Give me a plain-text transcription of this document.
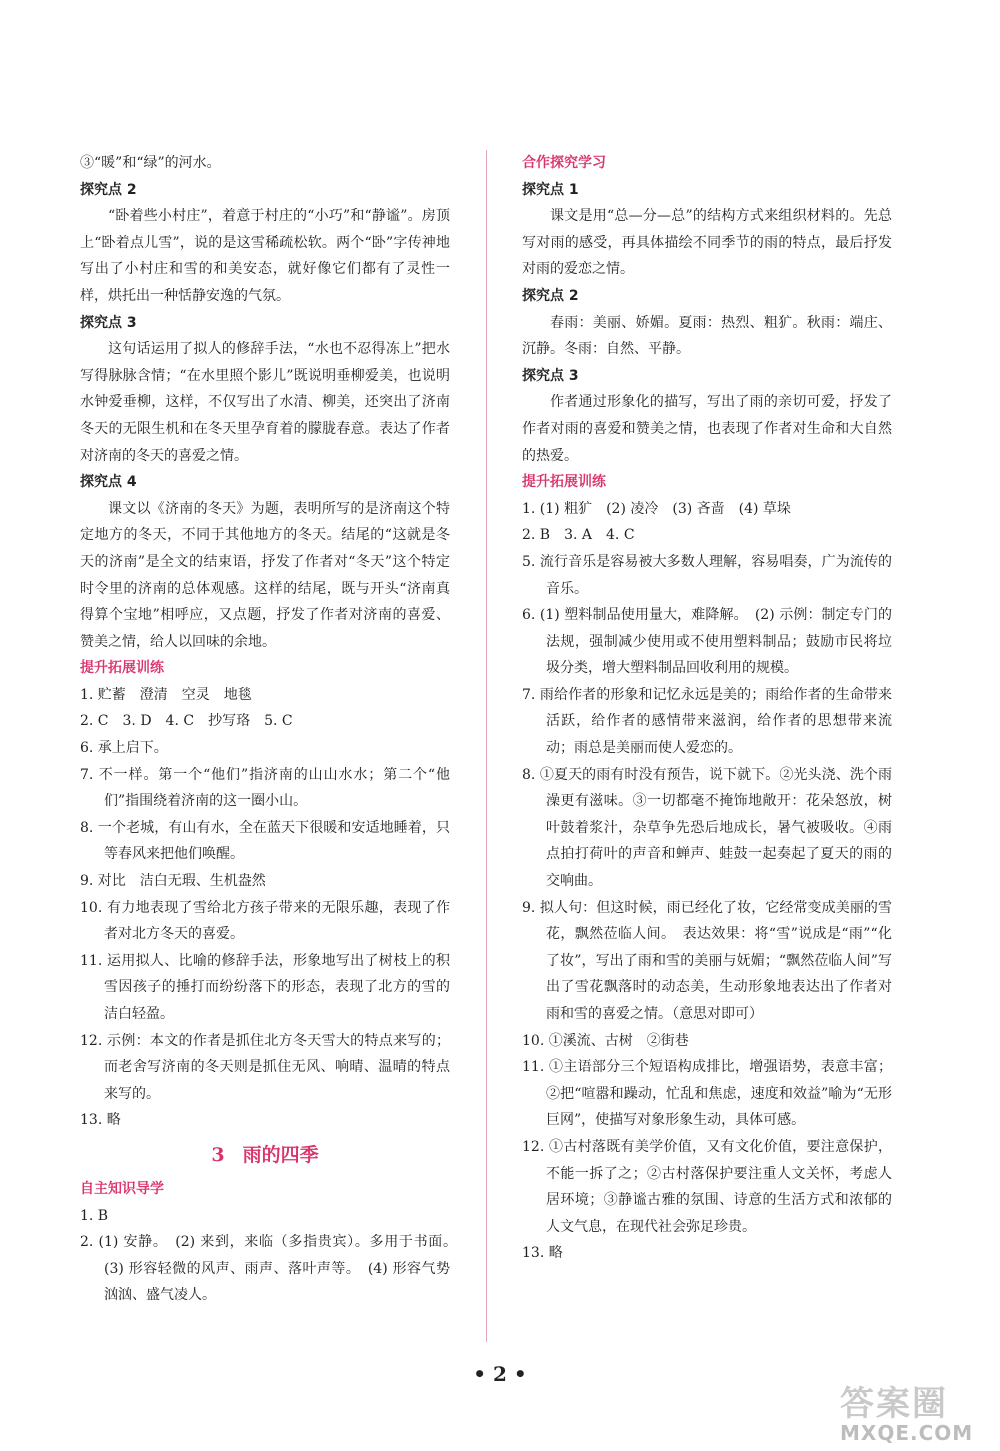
③“暖”和“绿”的河水。

探究点 2

“卧着些小村庄”，着意于村庄的“小巧”和“静谧”。房顶上“卧着点儿雪”，说的是这雪稀疏松软。两个“卧”字传神地写出了小村庄和雪的和美安态，就好像它们都有了灵性一样，烘托出一种恬静安逸的气氛。

探究点 3

这句话运用了拟人的修辞手法，“水也不忍得冻上”把水写得脉脉含情；“在水里照个影儿”既说明垂柳爱美，也说明水钟爱垂柳，这样，不仅写出了水清、柳美，还突出了济南冬天的无限生机和在冬天里孕育着的朦胧春意。表达了作者对济南的冬天的喜爱之情。

探究点 4

课文以《济南的冬天》为题，表明所写的是济南这个特定地方的冬天，不同于其他地方的冬天。结尾的“这就是冬天的济南”是全文的结束语，抒发了作者对“冬天”这个特定时令里的济南的总体观感。这样的结尾，既与开头“济南真得算个宝地”相呼应，又点题，抒发了作者对济南的喜爱、赞美之情，给人以回味的余地。

提升拓展训练

1. 贮蓄　澄清　空灵　地毯

2. C　3. D　4. C　抄写珞　5. C

6. 承上启下。

7. 不一样。第一个“他们”指济南的山山水水；第二个“他们”指围绕着济南的这一圈小山。

8. 一个老城，有山有水，全在蓝天下很暖和安适地睡着，只等春风来把他们唤醒。

9. 对比　洁白无瑕、生机盎然

10. 有力地表现了雪给北方孩子带来的无限乐趣，表现了作者对北方冬天的喜爱。

11. 运用拟人、比喻的修辞手法，形象地写出了树枝上的积雪因孩子的捶打而纷纷落下的形态，表现了北方的雪的洁白轻盈。

12. 示例：本文的作者是抓住北方冬天雪大的特点来写的；而老舍写济南的冬天则是抓住无风、响晴、温晴的特点来写的。

13. 略

3 雨的四季

自主知识导学

1. B

2. (1) 安静。　(2) 来到，来临（多指贵宾）。多用于书面。　(3) 形容轻微的风声、雨声、落叶声等。　(4) 形容气势汹汹、盛气凌人。

合作探究学习

探究点 1

课文是用“总—分—总”的结构方式来组织材料的。先总写对雨的感受，再具体描绘不同季节的雨的特点，最后抒发对雨的爱恋之情。

探究点 2

春雨：美丽、娇媚。夏雨：热烈、粗犷。秋雨：端庄、沉静。冬雨：自然、平静。

探究点 3

作者通过形象化的描写，写出了雨的亲切可爱，抒发了作者对雨的喜爱和赞美之情，也表现了作者对生命和大自然的热爱。

提升拓展训练

1. (1) 粗犷　(2) 凌冷　(3) 吝啬　(4) 草垛

2. B　3. A　4. C

5. 流行音乐是容易被大多数人理解，容易唱奏，广为流传的音乐。

6. (1) 塑料制品使用量大，难降解。　(2) 示例：制定专门的法规，强制减少使用或不使用塑料制品；鼓励市民将垃圾分类，增大塑料制品回收利用的规模。

7. 雨给作者的形象和记忆永远是美的；雨给作者的生命带来活跃，给作者的感情带来滋润，给作者的思想带来流动；雨总是美丽而使人爱恋的。

8. ①夏天的雨有时没有预告，说下就下。②光头浇、洗个雨澡更有滋味。③一切都毫不掩饰地敞开：花朵怒放，树叶鼓着浆汁，杂草争先恐后地成长，暑气被吸收。④雨点拍打荷叶的声音和蝉声、蛙鼓一起奏起了夏天的雨的交响曲。

9. 拟人句：但这时候，雨已经化了妆，它经常变成美丽的雪花，飘然莅临人间。　表达效果：将“雪”说成是“雨”“化了妆”，写出了雨和雪的美丽与妩媚；“飘然莅临人间”写出了雪花飘落时的动态美，生动形象地表达出了作者对雨和雪的喜爱之情。（意思对即可）

10. ①溪流、古树　②街巷

11. ①主语部分三个短语构成排比，增强语势，表意丰富；②把“喧嚣和躁动，忙乱和焦虑，速度和效益”喻为“无形巨网”，使描写对象形象生动，具体可感。

12. ①古村落既有美学价值，又有文化价值，要注意保护，不能一拆了之；②古村落保护要注重人文关怀，考虑人居环境；③静谧古雅的氛围、诗意的生活方式和浓郁的人文气息，在现代社会弥足珍贵。

13. 略

• 2 •
答案圈
MXQE.COM
